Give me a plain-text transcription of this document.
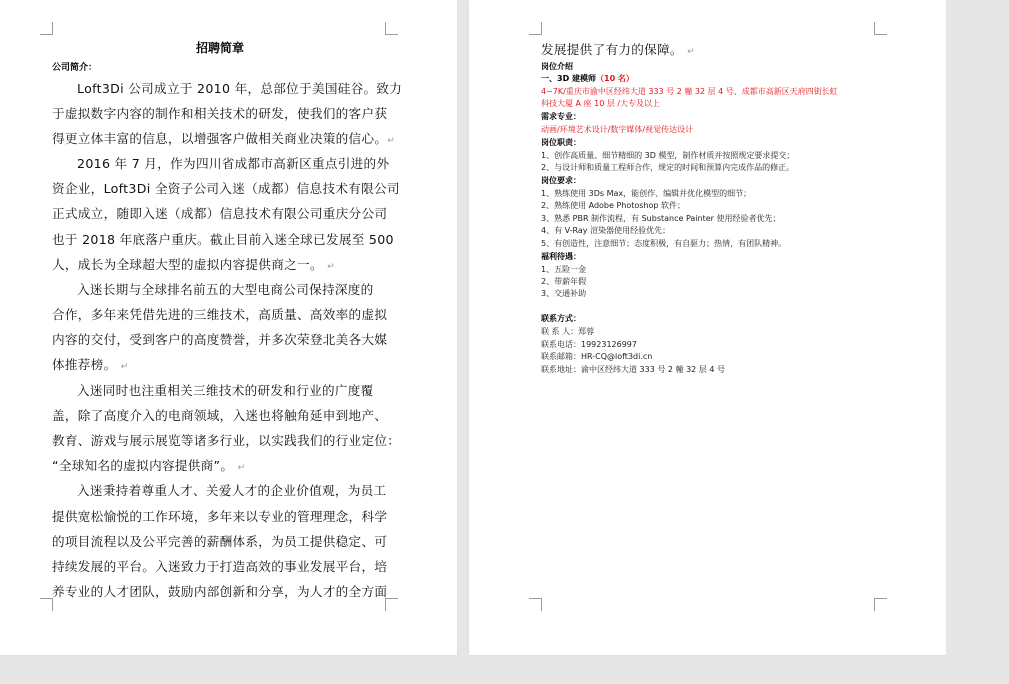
招聘简章
公司简介：
Loft3Di 公司成立于 2010 年，总部位于美国硅谷。致力
于虚拟数字内容的制作和相关技术的研发，使我们的客户获
得更立体丰富的信息，以增强客户做相关商业决策的信心。↵
2016 年 7 月，作为四川省成都市高新区重点引进的外
资企业，Loft3Di 全资子公司入迷（成都）信息技术有限公司
正式成立，随即入迷（成都）信息技术有限公司重庆分公司
也于 2018 年底落户重庆。截止目前入迷全球已发展至 500
人，成长为全球超大型的虚拟内容提供商之一。 ↵
入迷长期与全球排名前五的大型电商公司保持深度的
合作，多年来凭借先进的三维技术，高质量、高效率的虚拟
内容的交付，受到客户的高度赞誉，并多次荣登北美各大媒
体推荐榜。 ↵
入迷同时也注重相关三维技术的研发和行业的广度覆
盖，除了高度介入的电商领域，入迷也将触角延申到地产、
教育、游戏与展示展览等诸多行业，以实践我们的行业定位：
“全球知名的虚拟内容提供商”。 ↵
入迷秉持着尊重人才、关爱人才的企业价值观，为员工
提供宽松愉悦的工作环境，多年来以专业的管理理念，科学
的项目流程以及公平完善的薪酬体系，为员工提供稳定、可
持续发展的平台。入迷致力于打造高效的事业发展平台，培
养专业的人才团队，鼓励内部创新和分享，为人才的全方面
发展提供了有力的保障。 ↵
岗位介绍
一、3D 建模师（10 名）
4~7K/重庆市渝中区经纬大道 333 号 2 幢 32 层 4 号、成都市高新区天府四街长虹
科技大厦 A 座 10 层 /大专及以上
需求专业：
动画/环境艺术设计/数字媒体/视觉传达设计
岗位职责：
1、创作高质量、细节精细的 3D 模型，制作材质并按照规定要求提交；
2、与设计师和质量工程师合作，规定的时间和预算内完成作品的修正。
岗位要求：
1、熟练使用 3Ds Max，能创作、编辑并优化模型的细节；
2、熟练使用 Adobe Photoshop 软件；
3、熟悉 PBR 制作流程，有 Substance Painter 使用经验者优先；
4、有 V-Ray 渲染器使用经验优先；
5、有创造性，注意细节；态度积极，有自驱力；热情，有团队精神。
福利待遇：
1、五险一金
2、带薪年假
3、交通补助
联系方式：
联 系 人：郑蓉
联系电话：19923126997
联系邮箱：HR-CQ@loft3di.cn
联系地址：渝中区经纬大道 333 号 2 幢 32 层 4 号
